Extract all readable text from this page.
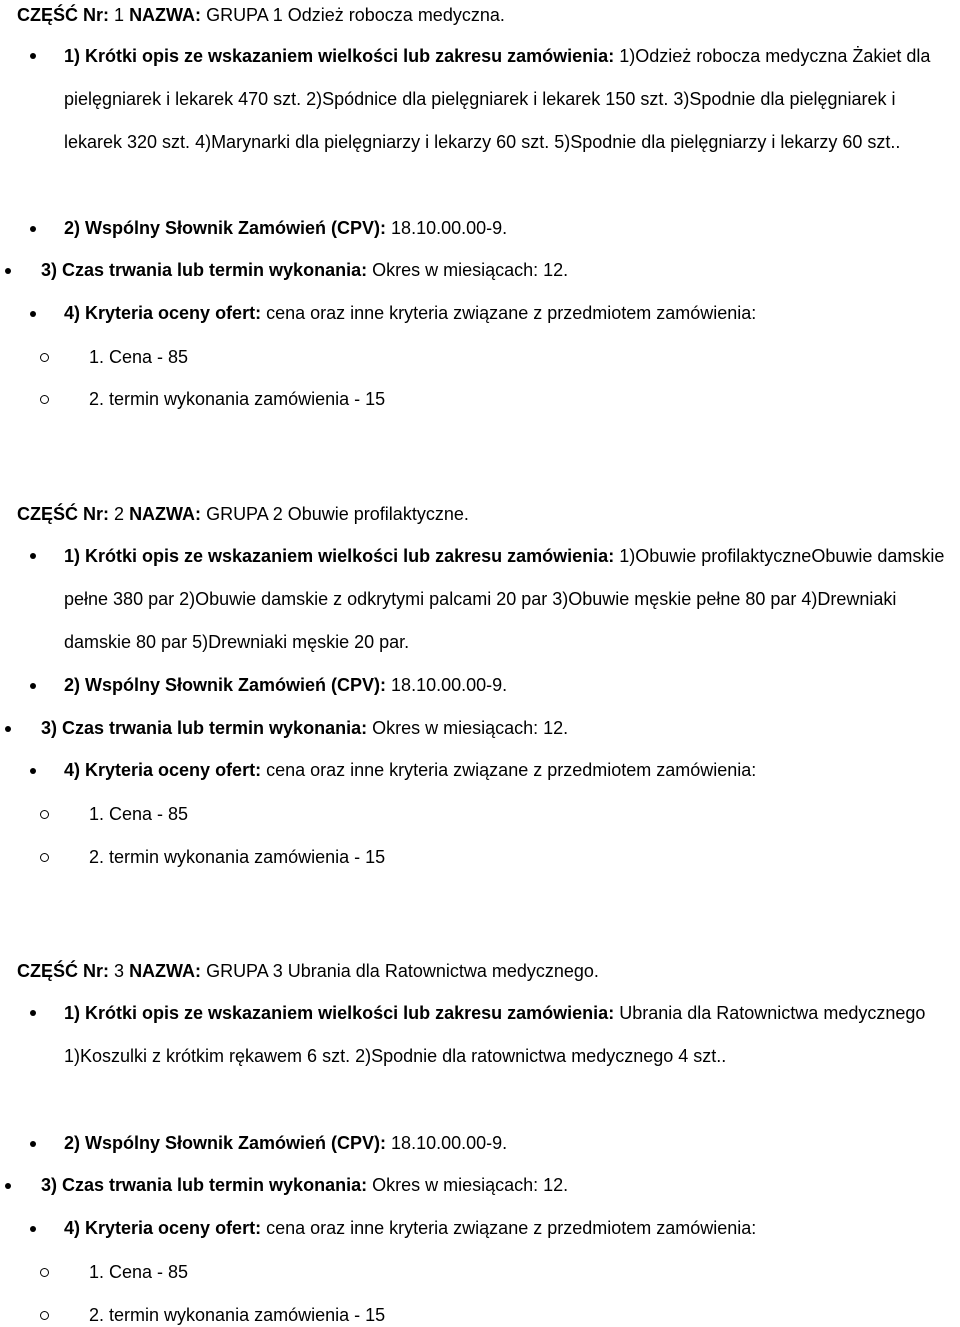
CZĘŚĆ Nr: 1 NAZWA: GRUPA 1 Odzież robocza medyczna.
1) Krótki opis ze wskazaniem wielkości lub zakresu zamówienia: 1)Odzież robocza medyczna Żakiet dla pielęgniarek i lekarek 470 szt. 2)Spódnice dla pielęgniarek i lekarek 150 szt. 3)Spodnie dla pielęgniarek i lekarek 320 szt. 4)Marynarki dla pielęgniarzy i lekarzy 60 szt. 5)Spodnie dla pielęgniarzy i lekarzy 60 szt..
2) Wspólny Słownik Zamówień (CPV): 18.10.00.00-9.
3) Czas trwania lub termin wykonania: Okres w miesiącach: 12.
4) Kryteria oceny ofert: cena oraz inne kryteria związane z przedmiotem zamówienia:
1. Cena - 85
2. termin wykonania zamówienia - 15
CZĘŚĆ Nr: 2 NAZWA: GRUPA 2 Obuwie profilaktyczne.
1) Krótki opis ze wskazaniem wielkości lub zakresu zamówienia: 1)Obuwie profilaktyczneObuwie damskie pełne 380 par 2)Obuwie damskie z odkrytymi palcami 20 par 3)Obuwie męskie pełne 80 par 4)Drewniaki damskie 80 par 5)Drewniaki męskie 20 par.
2) Wspólny Słownik Zamówień (CPV): 18.10.00.00-9.
3) Czas trwania lub termin wykonania: Okres w miesiącach: 12.
4) Kryteria oceny ofert: cena oraz inne kryteria związane z przedmiotem zamówienia:
1. Cena - 85
2. termin wykonania zamówienia - 15
CZĘŚĆ Nr: 3 NAZWA: GRUPA 3 Ubrania dla Ratownictwa medycznego.
1) Krótki opis ze wskazaniem wielkości lub zakresu zamówienia: Ubrania dla Ratownictwa medycznego 1)Koszulki z krótkim rękawem 6 szt. 2)Spodnie dla ratownictwa medycznego 4 szt..
2) Wspólny Słownik Zamówień (CPV): 18.10.00.00-9.
3) Czas trwania lub termin wykonania: Okres w miesiącach: 12.
4) Kryteria oceny ofert: cena oraz inne kryteria związane z przedmiotem zamówienia:
1. Cena - 85
2. termin wykonania zamówienia - 15
